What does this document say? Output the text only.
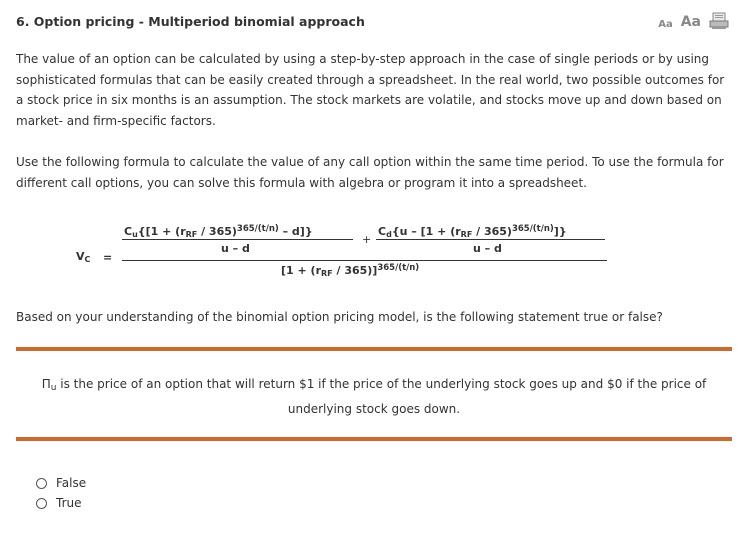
6. Option pricing - Multiperiod binomial approach	Aa Aa
The value of an option can be calculated by using a step-by-step approach in the case of single periods or by using sophisticated formulas that can be easily created through a spreadsheet. In the real world, two possible outcomes for a stock price in six months is an assumption. The stock markets are volatile, and stocks move up and down based on market- and firm-specific factors.
Use the following formula to calculate the value of any call option within the same time period. To use the formula for different call options, you can solve this formula with algebra or program it into a spreadsheet.
$V_C$ =
$C_u\{[1 + (r_{RF} / 365)^{365/(t/n)} - d]\}$
u – d
+
$C_d\{u - [1 + (r_{RF} / 365)^{365/(t/n)}]\}$
u – d
$[1 + (r_{RF} / 365)]^{365/(t/n)}$
Based on your understanding of the binomial option pricing model, is the following statement true or false?
$\Pi_u$ is the price of an option that will return $1 if the price of the underlying stock goes up and $0 if the price of underlying stock goes down.
False
True
